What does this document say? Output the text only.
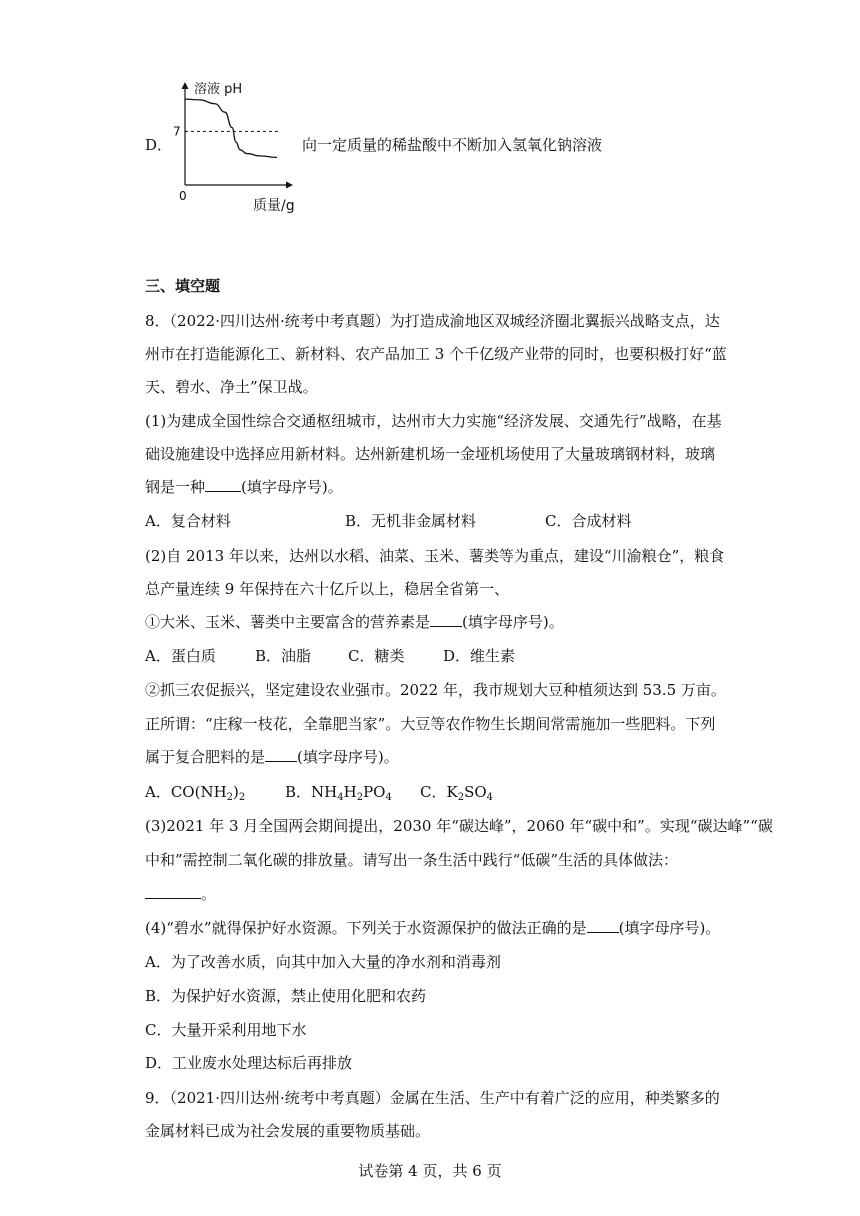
D．
溶液 pH
7
0
质量/g
向一定质量的稀盐酸中不断加入氢氧化钠溶液
三、填空题
8．（2022·四川达州·统考中考真题）为打造成渝地区双城经济圈北翼振兴战略支点，达
州市在打造能源化工、新材料、农产品加工 3 个千亿级产业带的同时，也要积极打好“蓝
天、碧水、净土”保卫战。
(1)为建成全国性综合交通枢纽城市，达州市大力实施“经济发展、交通先行”战略，在基
础设施建设中选择应用新材料。达州新建机场一金垭机场使用了大量玻璃钢材料，玻璃
钢是一种 (填字母序号)。
A．复合材料	B．无机非金属材料	C．合成材料
(2)自 2013 年以来，达州以水稻、油菜、玉米、薯类等为重点，建设“川渝粮仓”，粮食
总产量连续 9 年保持在六十亿斤以上，稳居全省第一、
①大米、玉米、薯类中主要富含的营养素是 (填字母序号)。
A．蛋白质	B．油脂 C．糖类	D．维生素
②抓三农促振兴，坚定建设农业强市。2022 年，我市规划大豆种植须达到 53.5 万亩。
正所谓：“庄稼一枝花，全靠肥当家”。大豆等农作物生长期间常需施加一些肥料。下列
属于复合肥料的是 (填字母序号)。
A．$CO(NH_2)_2$	B．$NH_4H_2PO_4$ C．$K_2SO_4$
(3)2021 年 3 月全国两会期间提出，2030 年“碳达峰”，2060 年“碳中和”。实现“碳达峰”“碳
中和”需控制二氧化碳的排放量。请写出一条生活中践行“低碳”生活的具体做法：
。
(4)“碧水”就得保护好水资源。下列关于水资源保护的做法正确的是 (填字母序号)。
A．为了改善水质，向其中加入大量的净水剂和消毒剂
B．为保护好水资源，禁止使用化肥和农药
C．大量开采利用地下水
D．工业废水处理达标后再排放
9．（2021·四川达州·统考中考真题）金属在生活、生产中有着广泛的应用，种类繁多的
金属材料已成为社会发展的重要物质基础。
试卷第 4 页，共 6 页
